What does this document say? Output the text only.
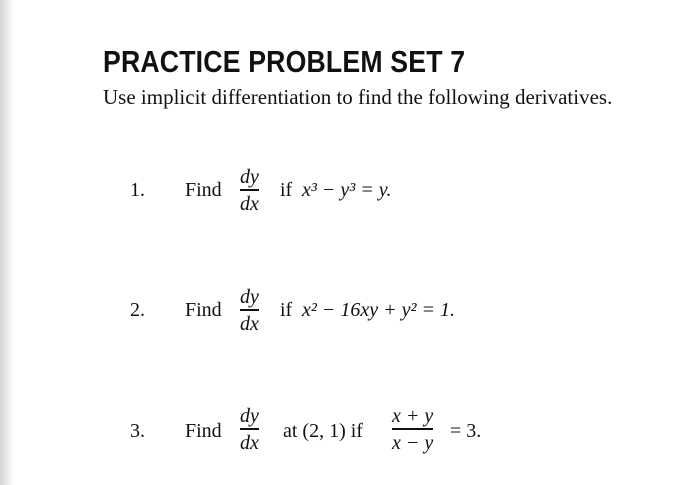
PRACTICE PROBLEM SET 7
Use implicit differentiation to find the following derivatives.
1. Find
dy
dx
if x³ − y³ = y.
2. Find
dy
dx
if x² − 16xy + y² = 1.
3. Find
dy
dx
at (2, 1) if
x + y
x − y
= 3.
